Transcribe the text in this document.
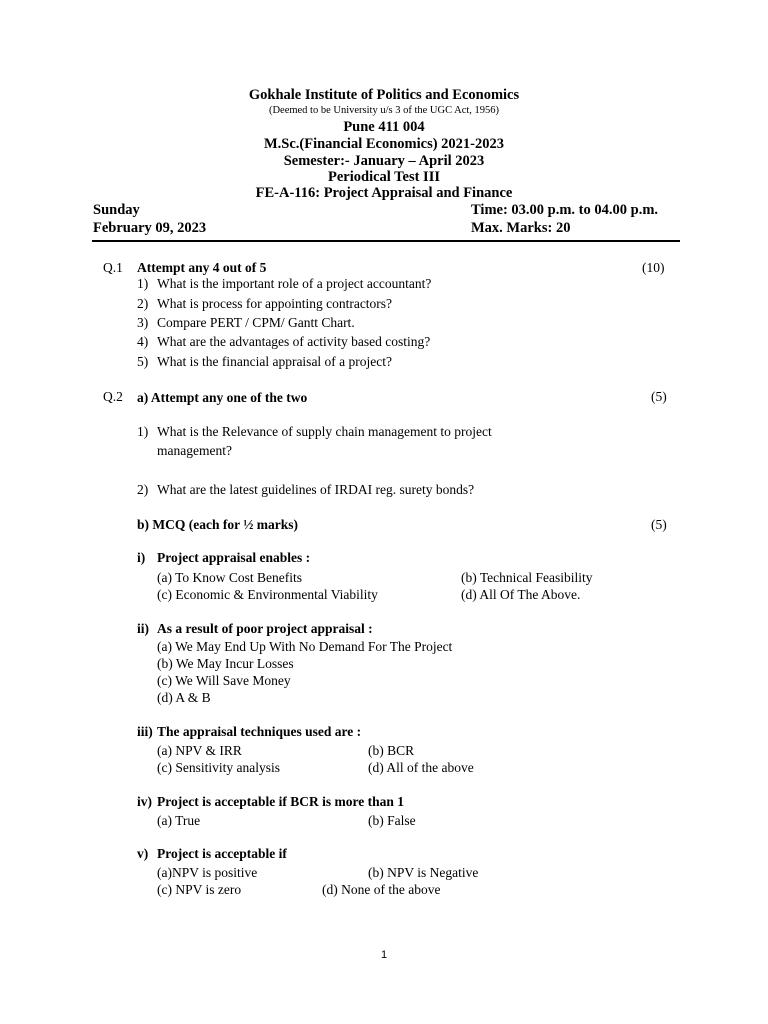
Gokhale Institute of Politics and Economics
(Deemed to be University u/s 3 of the UGC Act, 1956)
Pune 411 004
M.Sc.(Financial Economics) 2021-2023
Semester:- January – April 2023
Periodical Test III
FE-A-116: Project Appraisal and Finance
Sunday	Time: 03.00 p.m. to 04.00 p.m.
February 09, 2023	Max. Marks: 20
Q.1 Attempt any 4 out of 5	(10)
1) What is the important role of a project accountant?
2) What is process for appointing contractors?
3) Compare PERT / CPM/ Gantt Chart.
4) What are the advantages of activity based costing?
5) What is the financial appraisal of a project?
Q.2 a) Attempt any one of the two	(5)
1) What is the Relevance of supply chain management to project
management?
2) What are the latest guidelines of IRDAI reg. surety bonds?
b) MCQ (each for ½ marks)	(5)
i) Project appraisal enables :
(a) To Know Cost Benefits	(b) Technical Feasibility
(c) Economic & Environmental Viability	(d) All Of The Above.
ii) As a result of poor project appraisal :
(a) We May End Up With No Demand For The Project
(b) We May Incur Losses
(c) We Will Save Money
(d) A & B
iii) The appraisal techniques used are :
(a) NPV & IRR	(b) BCR
(c) Sensitivity analysis	(d) All of the above
iv) Project is acceptable if BCR is more than 1
(a) True	(b) False
v) Project is acceptable if
(a)NPV is positive	(b) NPV is Negative
(c) NPV is zero	(d) None of the above
1
